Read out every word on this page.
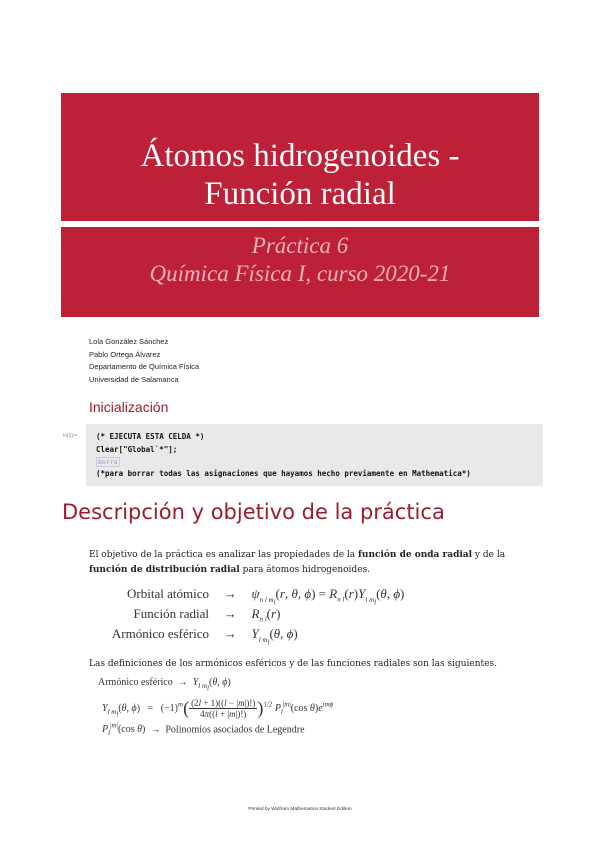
Átomos hidrogenoides -
Función radial
Práctica 6
Química Física I, curso 2020-21
Lola González Sánchez
Pablo Ortega Álvarez
Departamento de Química Física
Universidad de Salamanca
Inicialización
In[1]:=	(* EJECUTA ESTA CELDA *)
Clear["Global`*"];
borra
(*para borrar todas las asignaciones que hayamos hecho previamente en Mathematica*)
Descripción y objetivo de la práctica
El objetivo de la práctica es analizar las propiedades de la función de onda radial y de la función de distribución radial para átomos hidrogenoides.
Orbital atómico → $\psi_{n l m_l}(r$, θ, $\phi) = R_{n l}(r)Y_{l m_l}(\theta$, ϕ)
Función radial → $R_{n l}(r)$
Armónico esférico → $Y_{l m_l}(\theta$, ϕ)
Las definiciones de los armónicos esféricos y de las funciones radiales son las siguientes.
Armónico esférico → $Y_{l m_l}(\theta$, ϕ)
$Y_{l m_l}(\theta$, $\phi) = (-1)^m( \frac{(2l + 1)((l - |m|)!)}{4\pi((l + |m|)!)} )^{1/2}$ $P_l^{|m|}(\cos$ $\theta)e^{im\phi}$
$P_l^{|m|}(\cos$ θ) → Polinomios asociados de Legendre
Printed by Wolfram Mathematica Student Edition
